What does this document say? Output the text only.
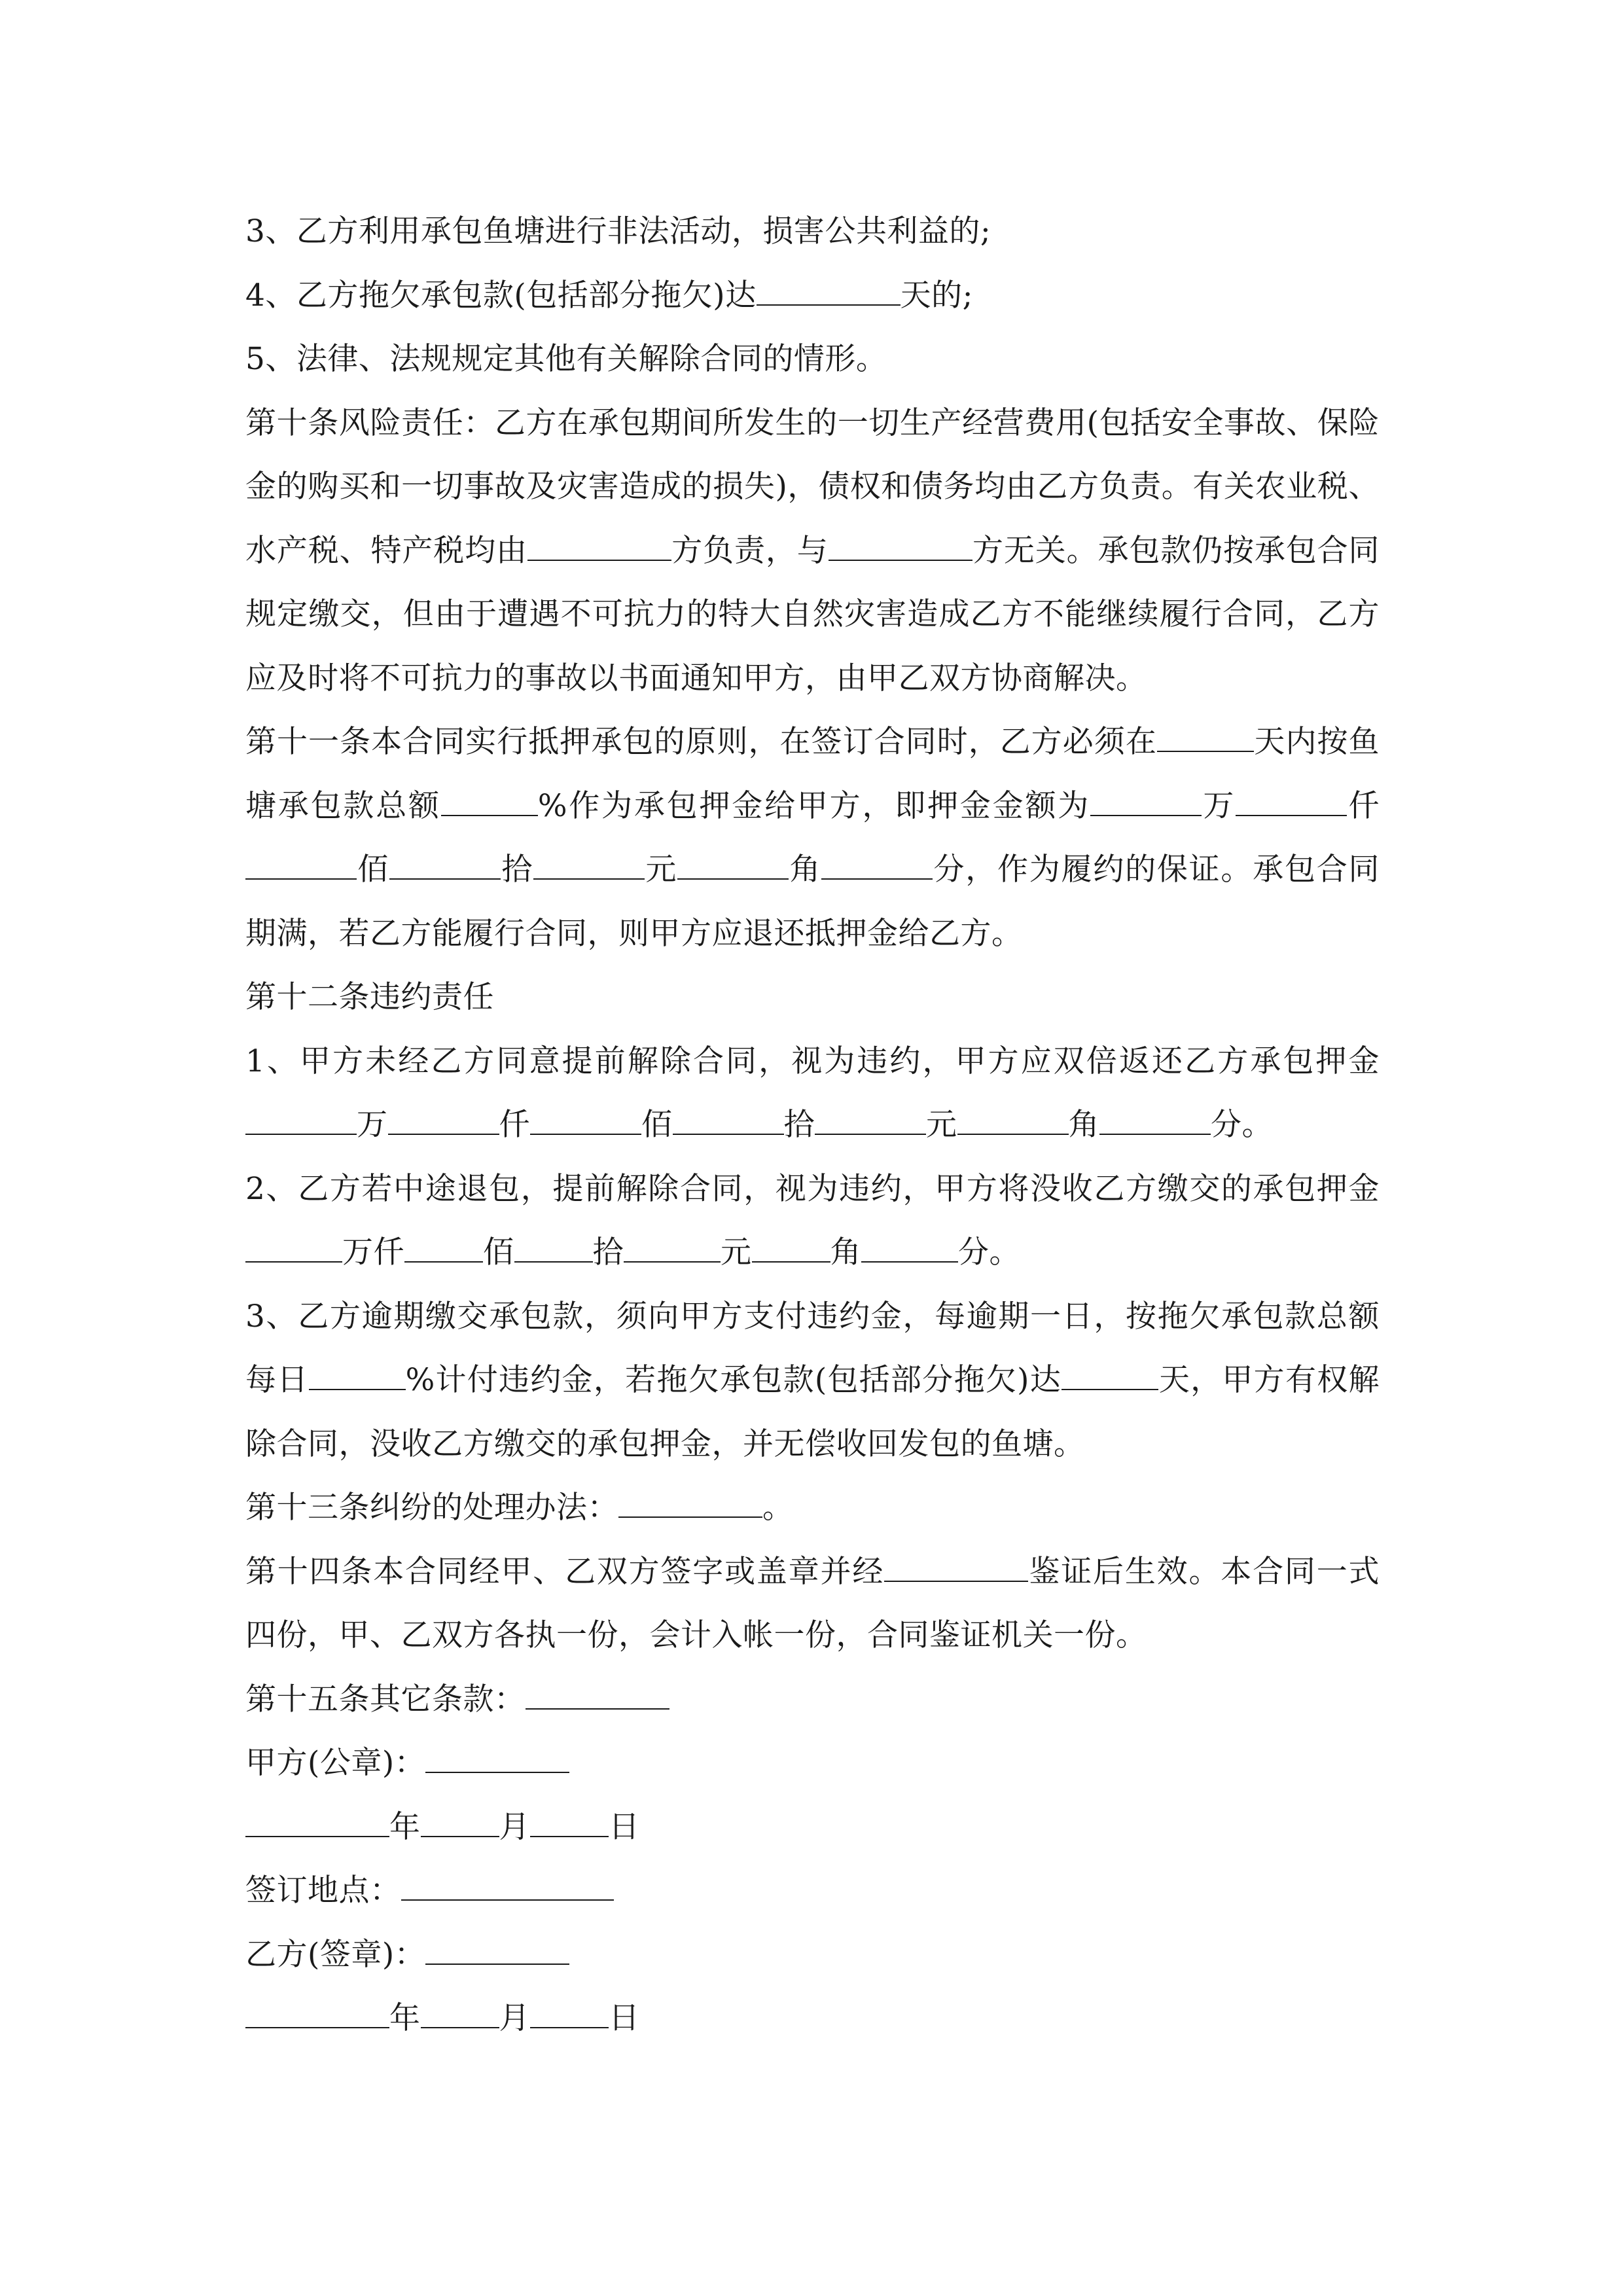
3、乙方利用承包鱼塘进行非法活动，损害公共利益的;

4、乙方拖欠承包款(包括部分拖欠)达	天的;

5、法律、法规规定其他有关解除合同的情形。

第十条风险责任：乙方在承包期间所发生的一切生产经营费用(包括安全事故、保险金的购买和一切事故及灾害造成的损失)，债权和债务均由乙方负责。有关农业税、水产税、特产税均由	方负责，与	方无关。承包款仍按承包合同规定缴交，但由于遭遇不可抗力的特大自然灾害造成乙方不能继续履行合同，乙方应及时将不可抗力的事故以书面通知甲方，由甲乙双方协商解决。

第十一条本合同实行抵押承包的原则，在签订合同时，乙方必须在	天内按鱼塘承包款总额	%作为承包押金给甲方，即押金金额为	万	仟佰	拾	元	角	分，作为履约的保证。承包合同期满，若乙方能履行合同，则甲方应退还抵押金给乙方。

第十二条违约责任

1、甲方未经乙方同意提前解除合同，视为违约，甲方应双倍返还乙方承包押金万	仟	佰	拾	元	角	分。

2、乙方若中途退包，提前解除合同，视为违约，甲方将没收乙方缴交的承包押金万仟	佰	拾	元	角	分。

3、乙方逾期缴交承包款，须向甲方支付违约金，每逾期一日，按拖欠承包款总额每日	%计付违约金，若拖欠承包款(包括部分拖欠)达	天，甲方有权解除合同，没收乙方缴交的承包押金，并无偿收回发包的鱼塘。

第十三条纠纷的处理办法：	。

第十四条本合同经甲、乙双方签字或盖章并经	鉴证后生效。本合同一式四份，甲、乙双方各执一份，会计入帐一份，合同鉴证机关一份。

第十五条其它条款：

甲方(公章)：

年	月	日

签订地点：

乙方(签章)：

年	月	日
